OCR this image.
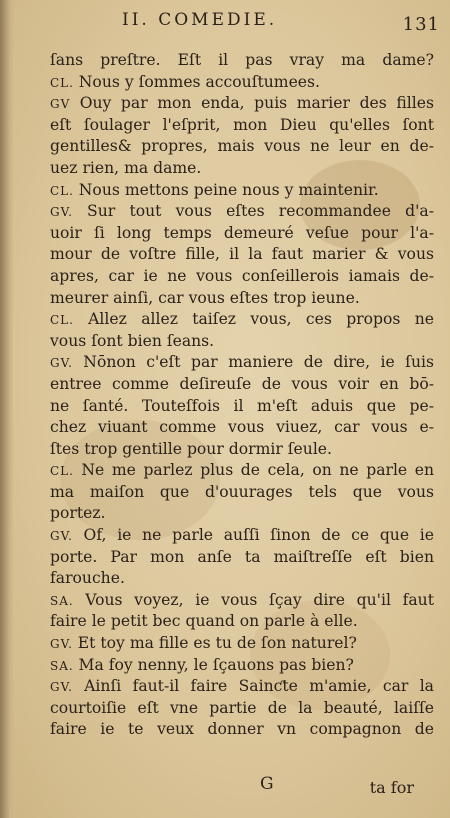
II. COMEDIE.	131
ſans preſtre. Eſt il pas vray ma dame?
CL. Nous y ſommes accouſtumees.
GV Ouy par mon enda, puis marier des filles
eſt ſoulager l'eſprit, mon Dieu qu'elles ſont
gentilles& propres, mais vous ne leur en de-
uez rien, ma dame.
CL. Nous mettons peine nous y maintenir.
GV. Sur tout vous eſtes recommandee d'a-
uoir ſi long temps demeuré veſue pour l'a-
mour de voſtre fille, il la faut marier & vous
apres, car ie ne vous conſeillerois iamais de-
meurer ainſi, car vous eſtes trop ieune.
CL. Allez allez taiſez vous, ces propos ne
vous ſont bien ſeans.
GV. Nōnon c'eſt par maniere de dire, ie ſuis
entree comme deſireuſe de vous voir en bō-
ne ſanté. Touteſfois il m'eſt aduis que pe-
chez viuant comme vous viuez, car vous e-
ſtes trop gentille pour dormir ſeule.
CL. Ne me parlez plus de cela, on ne parle en
ma maiſon que d'ouurages tels que vous
portez.
GV. Of, ie ne parle auſſi ſinon de ce que ie
porte. Par mon anſe ta maiſtreſſe eſt bien
farouche.
SA. Vous voyez, ie vous ſçay dire qu'il faut
faire le petit bec quand on parle à elle.
GV. Et toy ma fille es tu de ſon naturel?
SA. Ma foy nenny, le ſçauons pas bien?
GV. Ainſi faut-il faire Sainƈte m'amie, car la
courtoiſie eſt vne partie de la beauté, laiſſe
faire ie te veux donner vn compagnon de
G	ta for
